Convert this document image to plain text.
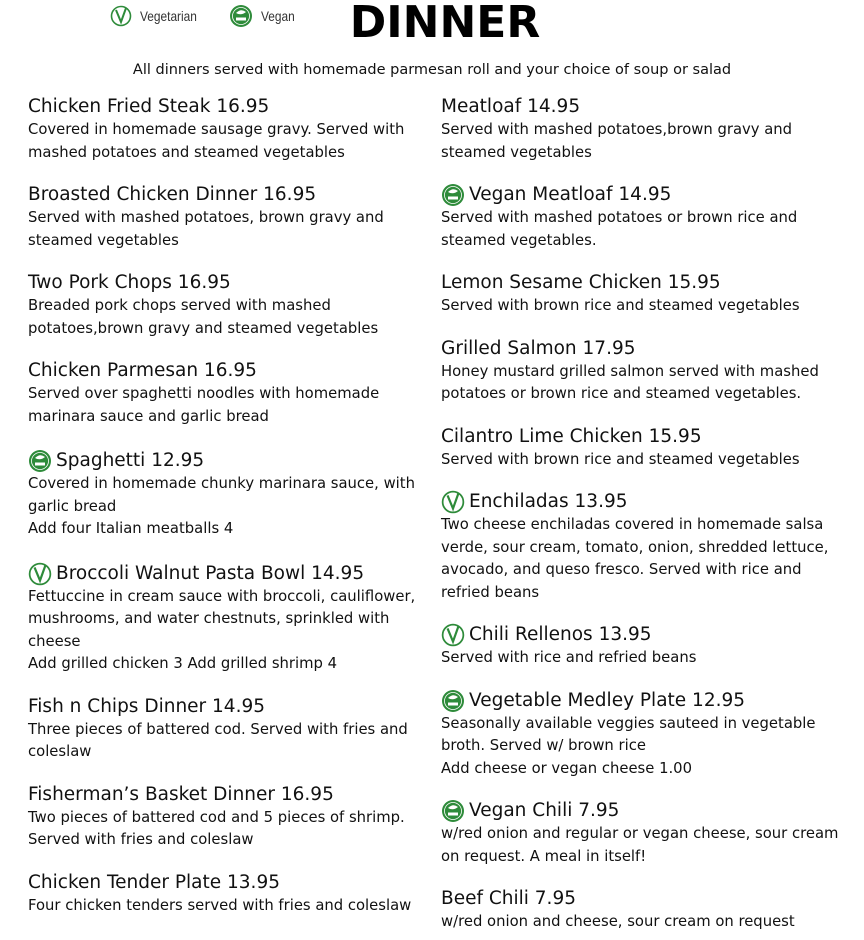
Vegetarian	Vegan	DINNER
All dinners served with homemade parmesan roll and your choice of soup or salad
Chicken Fried Steak 16.95
Covered in homemade sausage gravy. Served with
mashed potatoes and steamed vegetables
Broasted Chicken Dinner 16.95
Served with mashed potatoes, brown gravy and
steamed vegetables
Two Pork Chops 16.95
Breaded pork chops served with mashed
potatoes,brown gravy and steamed vegetables
Chicken Parmesan 16.95
Served over spaghetti noodles with homemade
marinara sauce and garlic bread
Spaghetti 12.95
Covered in homemade chunky marinara sauce, with
garlic bread
Add four Italian meatballs 4
Broccoli Walnut Pasta Bowl 14.95
Fettuccine in cream sauce with broccoli, cauliflower,
mushrooms, and water chestnuts, sprinkled with
cheese
Add grilled chicken 3 Add grilled shrimp 4
Fish n Chips Dinner 14.95
Three pieces of battered cod. Served with fries and
coleslaw
Fisherman’s Basket Dinner 16.95
Two pieces of battered cod and 5 pieces of shrimp.
Served with fries and coleslaw
Chicken Tender Plate 13.95
Four chicken tenders served with fries and coleslaw
Meatloaf 14.95
Served with mashed potatoes,brown gravy and
steamed vegetables
Vegan Meatloaf 14.95
Served with mashed potatoes or brown rice and
steamed vegetables.
Lemon Sesame Chicken 15.95
Served with brown rice and steamed vegetables
Grilled Salmon 17.95
Honey mustard grilled salmon served with mashed
potatoes or brown rice and steamed vegetables.
Cilantro Lime Chicken 15.95
Served with brown rice and steamed vegetables
Enchiladas 13.95
Two cheese enchiladas covered in homemade salsa
verde, sour cream, tomato, onion, shredded lettuce,
avocado, and queso fresco. Served with rice and
refried beans
Chili Rellenos 13.95
Served with rice and refried beans
Vegetable Medley Plate 12.95
Seasonally available veggies sauteed in vegetable
broth. Served w/ brown rice
Add cheese or vegan cheese 1.00
Vegan Chili 7.95
w/red onion and regular or vegan cheese, sour cream
on request. A meal in itself!
Beef Chili 7.95
w/red onion and cheese, sour cream on request
